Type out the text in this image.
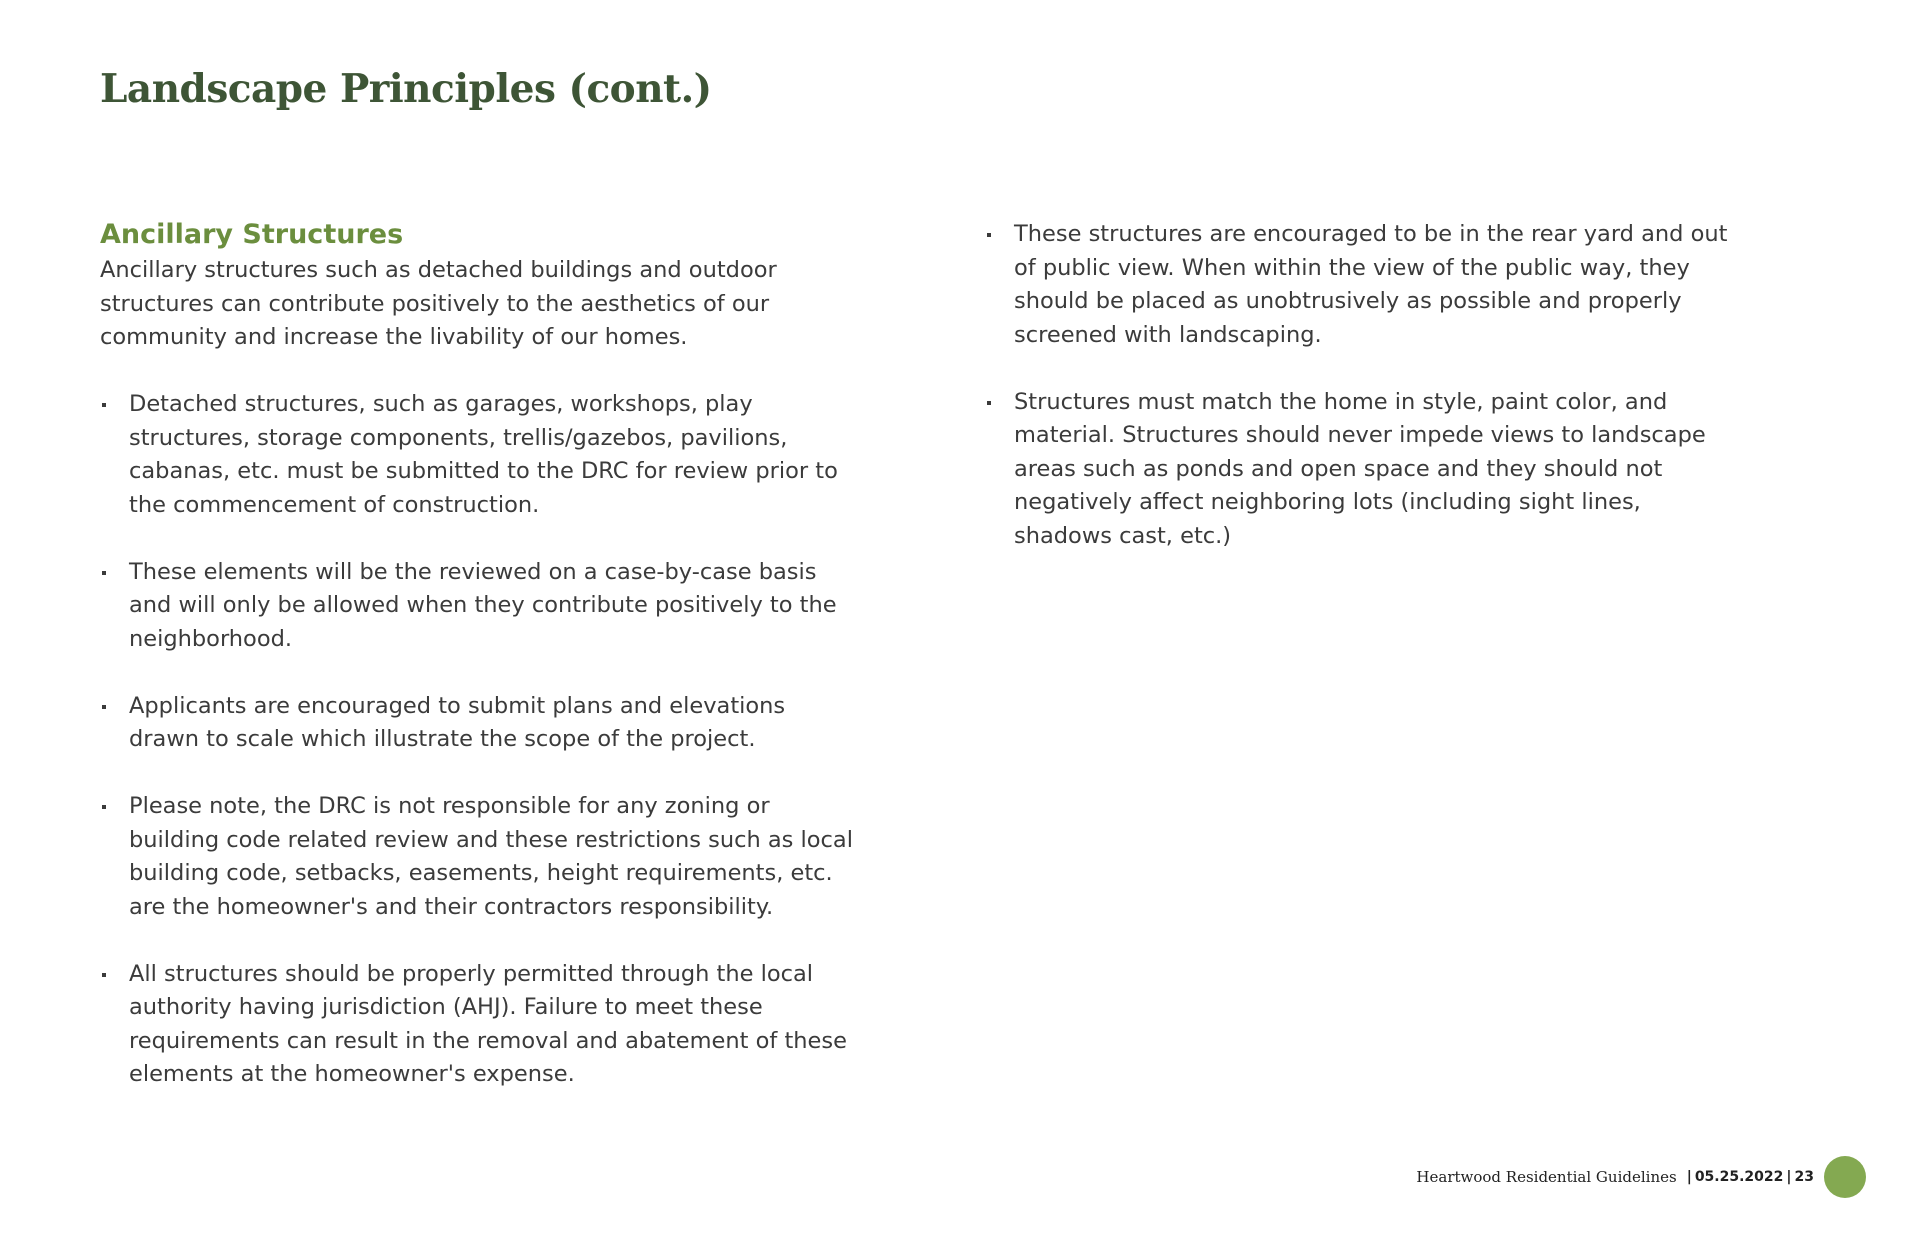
Landscape Principles (cont.)
Ancillary Structures

Ancillary structures such as detached buildings and outdoor structures can contribute positively to the aesthetics of our community and increase the livability of our homes.

Detached structures, such as garages, workshops, play structures, storage components, trellis/gazebos, pavilions, cabanas, etc. must be submitted to the DRC for review prior to the commencement of construction.
These elements will be the reviewed on a case-by-case basis and will only be allowed when they contribute positively to the neighborhood.
Applicants are encouraged to submit plans and elevations drawn to scale which illustrate the scope of the project.
Please note, the DRC is not responsible for any zoning or building code related review and these restrictions such as local building code, setbacks, easements, height requirements, etc. are the homeowner's and their contractors responsibility.
All structures should be properly permitted through the local authority having jurisdiction (AHJ). Failure to meet these requirements can result in the removal and abatement of these elements at the homeowner's expense.
These structures are encouraged to be in the rear yard and out of public view. When within the view of the public way, they should be placed as unobtrusively as possible and properly screened with landscaping.
Structures must match the home in style, paint color, and material. Structures should never impede views to landscape areas such as ponds and open space and they should not negatively affect neighboring lots (including sight lines, shadows cast, etc.)
Heartwood Residential Guidelines | 05.25.2022 | 23
